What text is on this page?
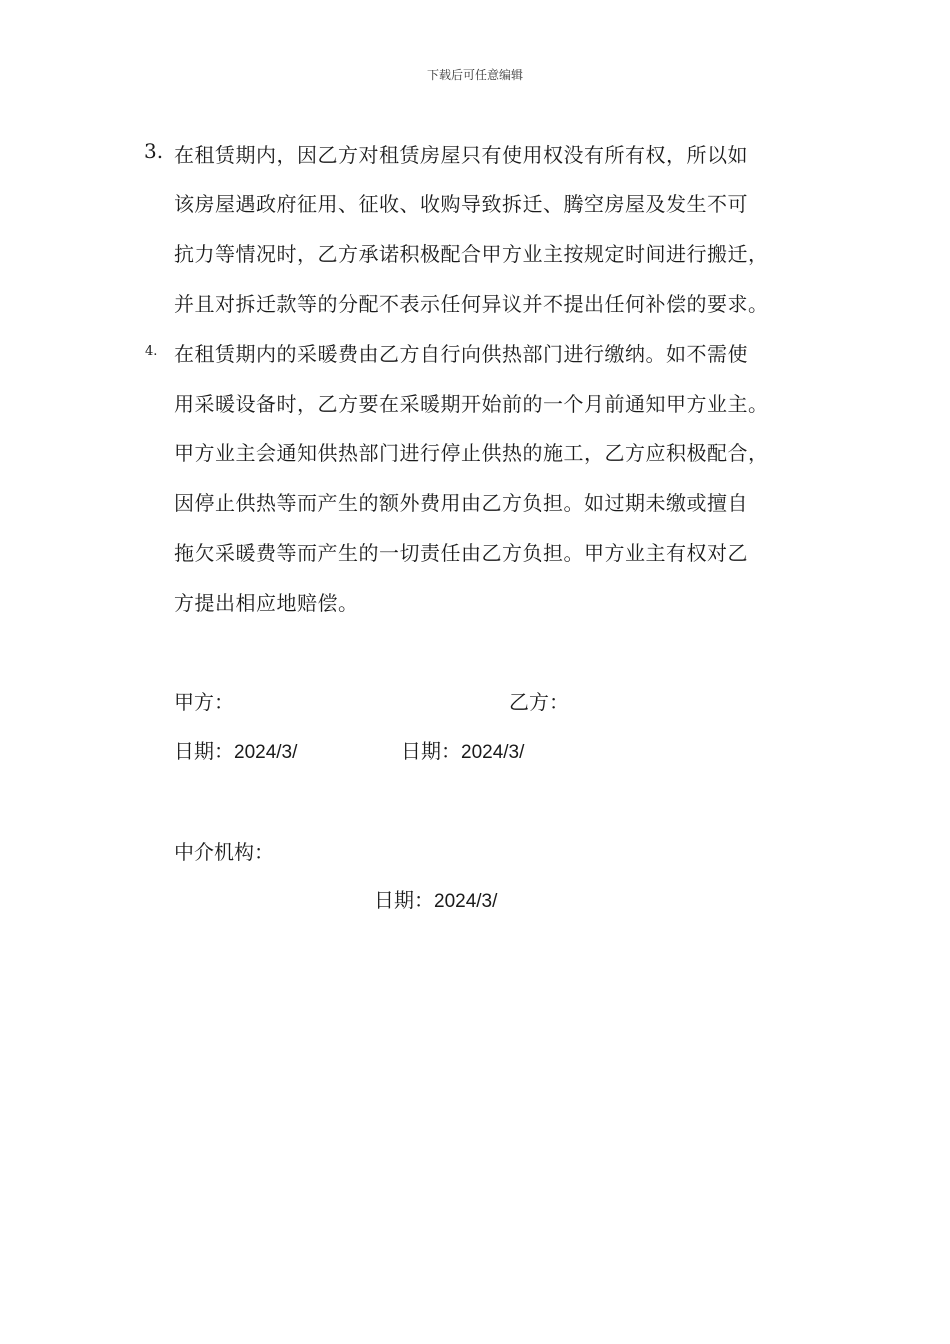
下载后可任意编辑
3. 在租赁期内，因乙方对租赁房屋只有使用权没有所有权，所以如
该房屋遇政府征用、征收、收购导致拆迁、腾空房屋及发生不可
抗力等情况时，乙方承诺积极配合甲方业主按规定时间进行搬迁，
并且对拆迁款等的分配不表示任何异议并不提出任何补偿的要求。
4. 在租赁期内的采暖费由乙方自行向供热部门进行缴纳。如不需使
用采暖设备时，乙方要在采暖期开始前的一个月前通知甲方业主。
甲方业主会通知供热部门进行停止供热的施工，乙方应积极配合，
因停止供热等而产生的额外费用由乙方负担。如过期未缴或擅自
拖欠采暖费等而产生的一切责任由乙方负担。甲方业主有权对乙
方提出相应地赔偿。
甲方：	乙方：
日期：2024/3/	日期：2024/3/
中介机构：
日期：2024/3/
